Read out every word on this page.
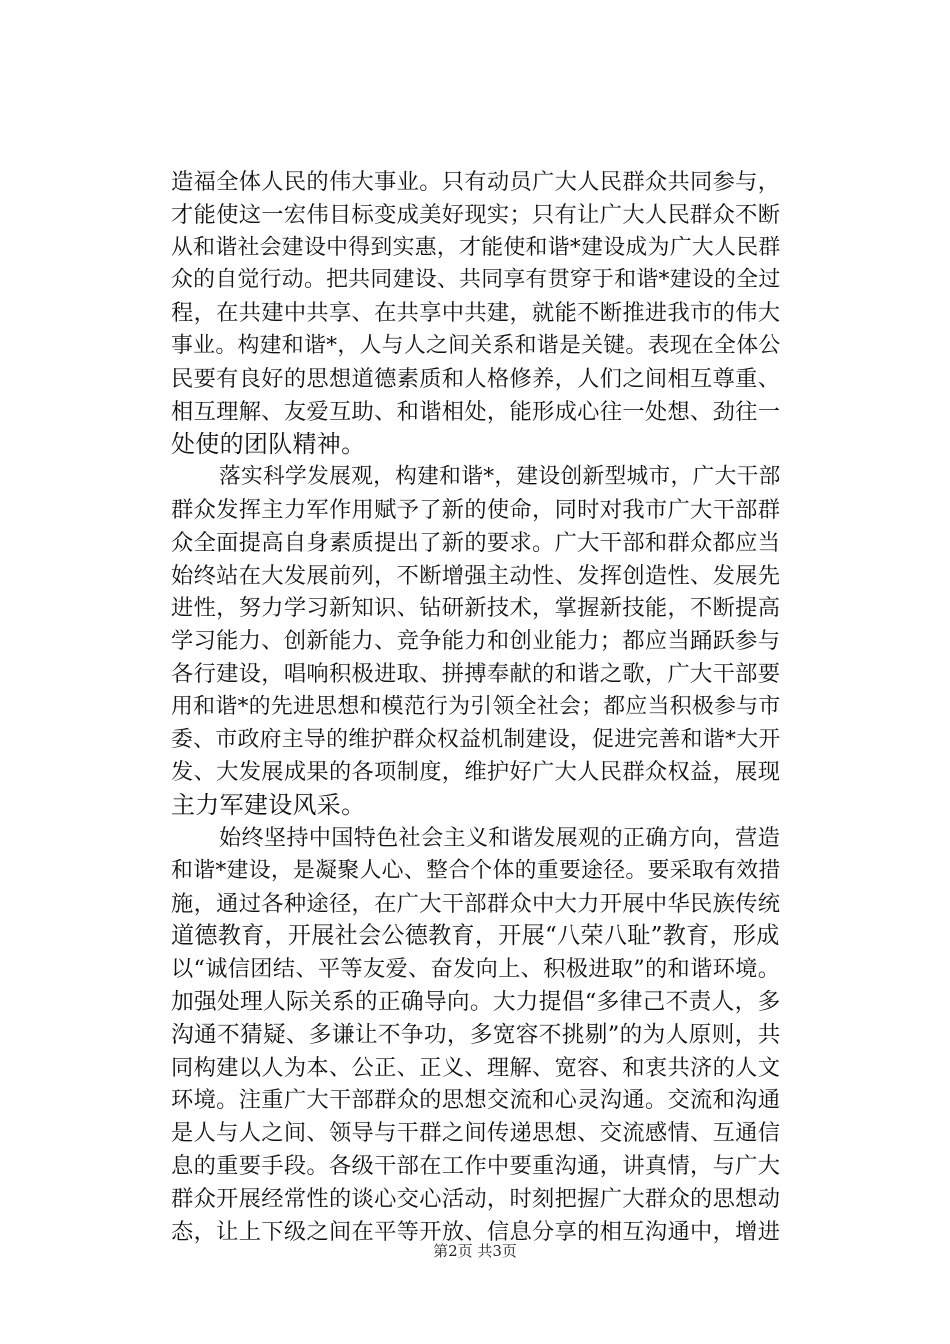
造福全体人民的伟大事业。只有动员广大人民群众共同参与，
才能使这一宏伟目标变成美好现实；只有让广大人民群众不断
从和谐社会建设中得到实惠，才能使和谐*建设成为广大人民群
众的自觉行动。把共同建设、共同享有贯穿于和谐*建设的全过
程，在共建中共享、在共享中共建，就能不断推进我市的伟大
事业。构建和谐*，人与人之间关系和谐是关键。表现在全体公
民要有良好的思想道德素质和人格修养，人们之间相互尊重、
相互理解、友爱互助、和谐相处，能形成心往一处想、劲往一
处使的团队精神。
落实科学发展观，构建和谐*，建设创新型城市，广大干部
群众发挥主力军作用赋予了新的使命，同时对我市广大干部群
众全面提高自身素质提出了新的要求。广大干部和群众都应当
始终站在大发展前列，不断增强主动性、发挥创造性、发展先
进性，努力学习新知识、钻研新技术，掌握新技能，不断提高
学习能力、创新能力、竞争能力和创业能力；都应当踊跃参与
各行建设，唱响积极进取、拼搏奉献的和谐之歌，广大干部要
用和谐*的先进思想和模范行为引领全社会；都应当积极参与市
委、市政府主导的维护群众权益机制建设，促进完善和谐*大开
发、大发展成果的各项制度，维护好广大人民群众权益，展现
主力军建设风采。
始终坚持中国特色社会主义和谐发展观的正确方向，营造
和谐*建设，是凝聚人心、整合个体的重要途径。要采取有效措
施，通过各种途径，在广大干部群众中大力开展中华民族传统
道德教育，开展社会公德教育，开展“八荣八耻”教育，形成
以“诚信团结、平等友爱、奋发向上、积极进取”的和谐环境。
加强处理人际关系的正确导向。大力提倡“多律己不责人，多
沟通不猜疑、多谦让不争功，多宽容不挑剔”的为人原则，共
同构建以人为本、公正、正义、理解、宽容、和衷共济的人文
环境。注重广大干部群众的思想交流和心灵沟通。交流和沟通
是人与人之间、领导与干群之间传递思想、交流感情、互通信
息的重要手段。各级干部在工作中要重沟通，讲真情，与广大
群众开展经常性的谈心交心活动，时刻把握广大群众的思想动
态，让上下级之间在平等开放、信息分享的相互沟通中，增进
第2页 共3页
